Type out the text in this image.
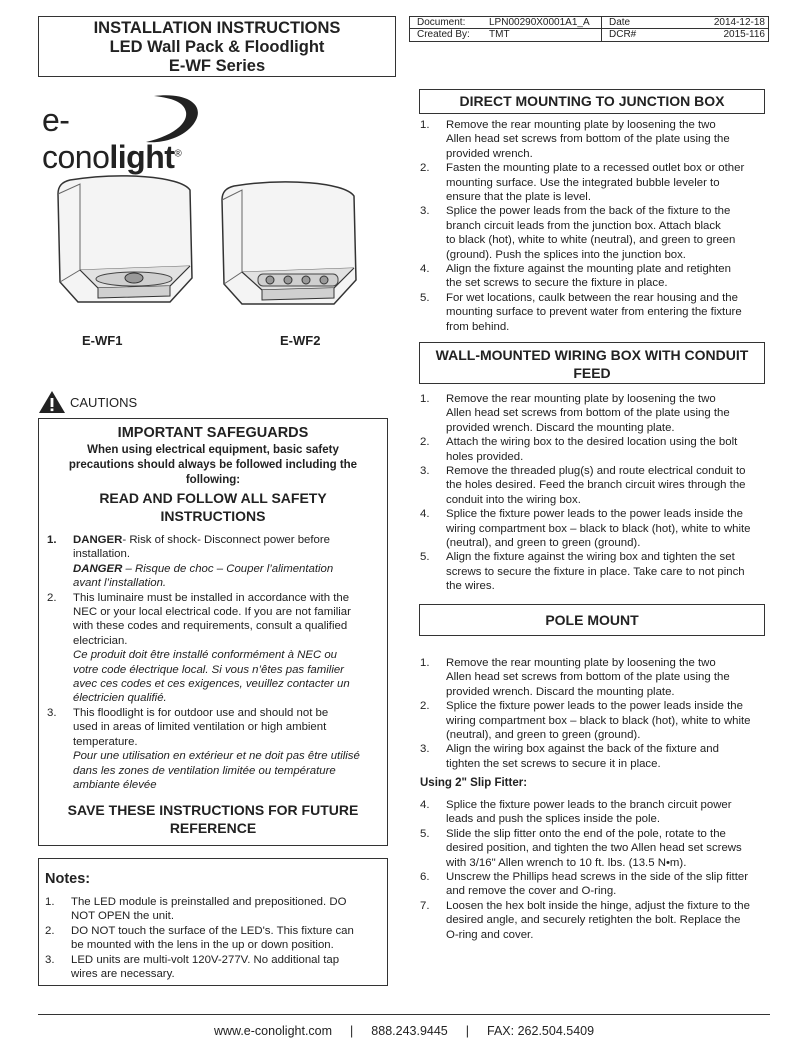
INSTALLATION INSTRUCTIONS
LED Wall Pack & Floodlight
E-WF Series
Document: LPN00290X0001A1_A Date	2014-12-18
Created By: TMT	DCR#	2015-116
e-conolight®
E-WF1	E-WF2
CAUTIONS
IMPORTANT SAFEGUARDS
When using electrical equipment, basic safety
precautions should always be followed including the
following:
READ AND FOLLOW ALL SAFETY
INSTRUCTIONS
1. DANGER- Risk of shock- Disconnect power before
installation.
DANGER – Risque de choc – Couper l’alimentation
avant l’installation.
2. This luminaire must be installed in accordance with the
NEC or your local electrical code. If you are not familiar
with these codes and requirements, consult a qualified
electrician.
Ce produit doit être installé conformément à NEC ou
votre code électrique local. Si vous n’êtes pas familier
avec ces codes et ces exigences, veuillez contacter un
électricien qualifié.
3. This floodlight is for outdoor use and should not be
used in areas of limited ventilation or high ambient
temperature.
Pour une utilisation en extérieur et ne doit pas être utilisé
dans les zones de ventilation limitée ou température
ambiante élevée
SAVE THESE INSTRUCTIONS FOR FUTURE
REFERENCE
Notes:
1. The LED module is preinstalled and prepositioned. DO
NOT OPEN the unit.
2. DO NOT touch the surface of the LED's. This fixture can
be mounted with the lens in the up or down position.
3. LED units are multi-volt 120V-277V. No additional tap
wires are necessary.
DIRECT MOUNTING TO JUNCTION BOX
1. Remove the rear mounting plate by loosening the two
Allen head set screws from bottom of the plate using the
provided wrench.
2. Fasten the mounting plate to a recessed outlet box or other
mounting surface. Use the integrated bubble leveler to
ensure that the plate is level.
3. Splice the power leads from the back of the fixture to the
branch circuit leads from the junction box. Attach black
to black (hot), white to white (neutral), and green to green
(ground). Push the splices into the junction box.
4. Align the fixture against the mounting plate and retighten
the set screws to secure the fixture in place.
5. For wet locations, caulk between the rear housing and the
mounting surface to prevent water from entering the fixture
from behind.
WALL-MOUNTED WIRING BOX WITH CONDUIT
FEED
1. Remove the rear mounting plate by loosening the two
Allen head set screws from bottom of the plate using the
provided wrench. Discard the mounting plate.
2. Attach the wiring box to the desired location using the bolt
holes provided.
3. Remove the threaded plug(s) and route electrical conduit to
the holes desired. Feed the branch circuit wires through the
conduit into the wiring box.
4. Splice the fixture power leads to the power leads inside the
wiring compartment box – black to black (hot), white to white
(neutral), and green to green (ground).
5. Align the fixture against the wiring box and tighten the set
screws to secure the fixture in place. Take care to not pinch
the wires.
POLE MOUNT
1. Remove the rear mounting plate by loosening the two
Allen head set screws from bottom of the plate using the
provided wrench. Discard the mounting plate.
2. Splice the fixture power leads to the power leads inside the
wiring compartment box – black to black (hot), white to white
(neutral), and green to green (ground).
3. Align the wiring box against the back of the fixture and
tighten the set screws to secure it in place.
Using 2" Slip Fitter:
4. Splice the fixture power leads to the branch circuit power
leads and push the splices inside the pole.
5. Slide the slip fitter onto the end of the pole, rotate to the
desired position, and tighten the two Allen head set screws
with 3/16" Allen wrench to 10 ft. lbs. (13.5 N•m).
6. Unscrew the Phillips head screws in the side of the slip fitter
and remove the cover and O-ring.
7. Loosen the hex bolt inside the hinge, adjust the fixture to the
desired angle, and securely retighten the bolt. Replace the
O-ring and cover.
www.e-conolight.com | 888.243.9445 | FAX: 262.504.5409
